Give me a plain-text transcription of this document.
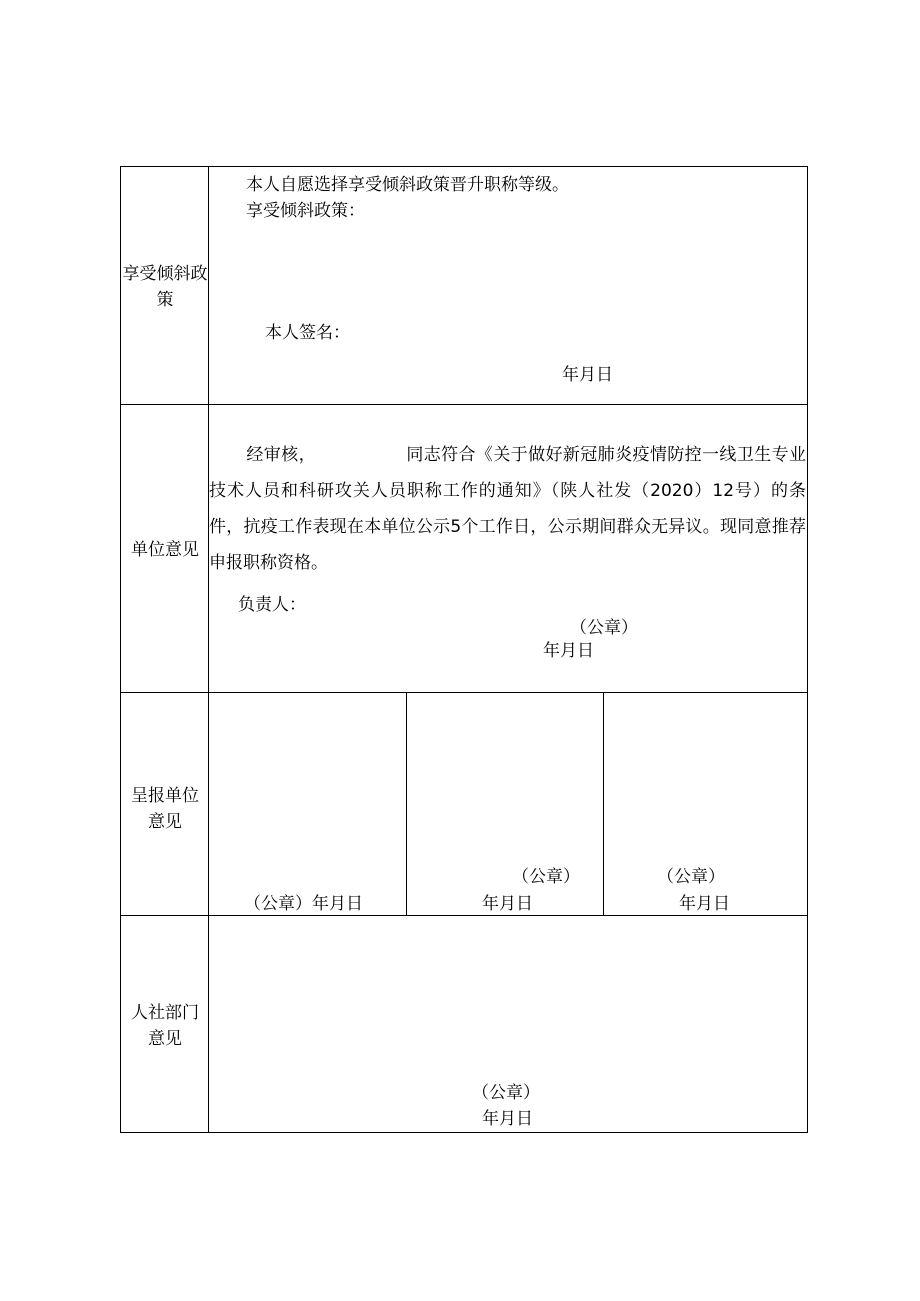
享受倾斜政策
本人自愿选择享受倾斜政策晋升职称等级。
享受倾斜政策：
本人签名：
年月日
单位意见
经审核，	同志符合《关于做好新冠肺炎疫情防控一线卫生专业技术人员和科研攻关人员职称工作的通知》（陕人社发（2020）12号）的条件，抗疫工作表现在本单位公示5个工作日，公示期间群众无异议。现同意推荐申报职称资格。
负责人：
（公章）
年月日
呈报单位意见
（公章）年月日
（公章）
年月日
（公章）
年月日
人社部门意见
（公章）
年月日
